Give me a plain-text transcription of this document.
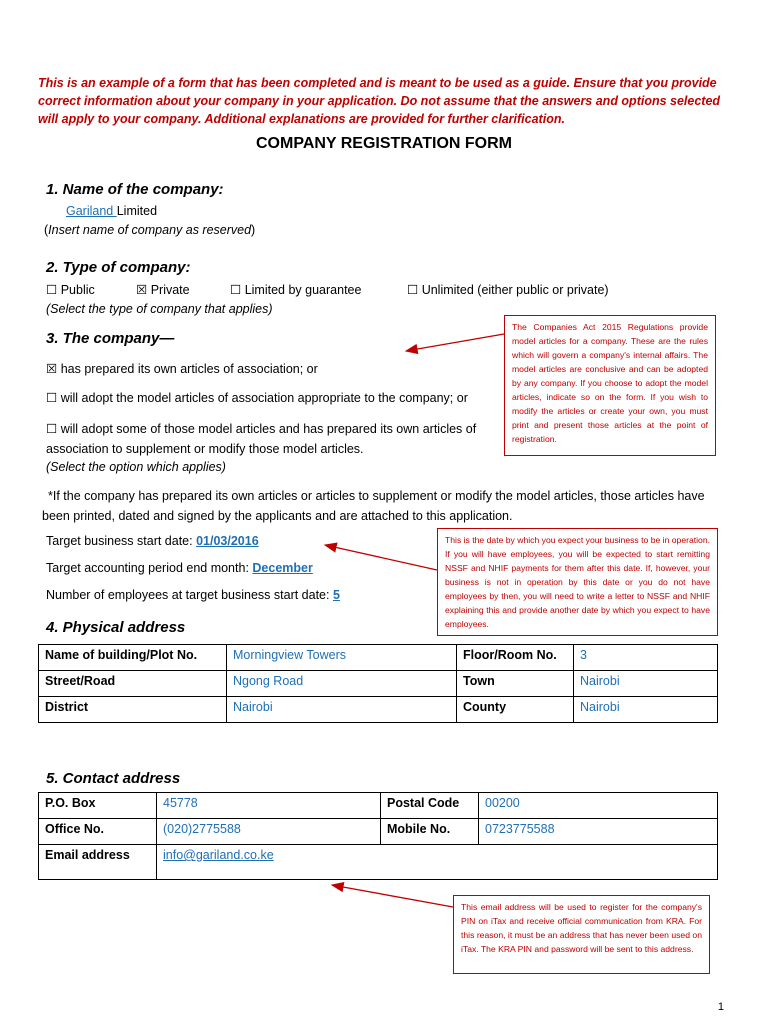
This is an example of a form that has been completed and is meant to be used as a guide. Ensure that you provide correct information about your company in your application. Do not assume that the answers and options selected will apply to your company. Additional explanations are provided for further clarification.
COMPANY REGISTRATION FORM
1. Name of the company:
Gariland Limited
(Insert name of company as reserved)
2. Type of company:
☐ Public	☒ Private	☐ Limited by guarantee	☐ Unlimited (either public or private)
(Select the type of company that applies)
3. The company—
☒ has prepared its own articles of association; or
☐ will adopt the model articles of association appropriate to the company; or
☐ will adopt some of those model articles and has prepared its own articles of association to supplement or modify those model articles.
(Select the option which applies)
*If the company has prepared its own articles or articles to supplement or modify the model articles, those articles have been printed, dated and signed by the applicants and are attached to this application.
Target business start date: 01/03/2016
Target accounting period end month: December
Number of employees at target business start date: 5
4. Physical address
Name of building/Plot No.	Morningview Towers	Floor/Room No.	3
Street/Road	Ngong Road	Town	Nairobi
District	Nairobi	County	Nairobi
5. Contact address
P.O. Box	45778	Postal Code	00200
Office No.	(020)2775588	Mobile No.	0723775588
Email address	info@gariland.co.ke		
The Companies Act 2015 Regulations provide model articles for a company. These are the rules which will govern a company's internal affairs. The model articles are conclusive and can be adopted by any company. If you choose to adopt the model articles, indicate so on the form. If you wish to modify the articles or create your own, you must print and present those articles at the point of registration.
This is the date by which you expect your business to be in operation. If you will have employees, you will be expected to start remitting NSSF and NHIF payments for them after this date. If, however, your business is not in operation by this date or you do not have employees by then, you will need to write a letter to NSSF and NHIF explaining this and provide another date by which you expect to have employees.
This email address will be used to register for the company's PIN on iTax and receive official communication from KRA. For this reason, it must be an address that has never been used on iTax. The KRA PIN and password will be sent to this address.
1
